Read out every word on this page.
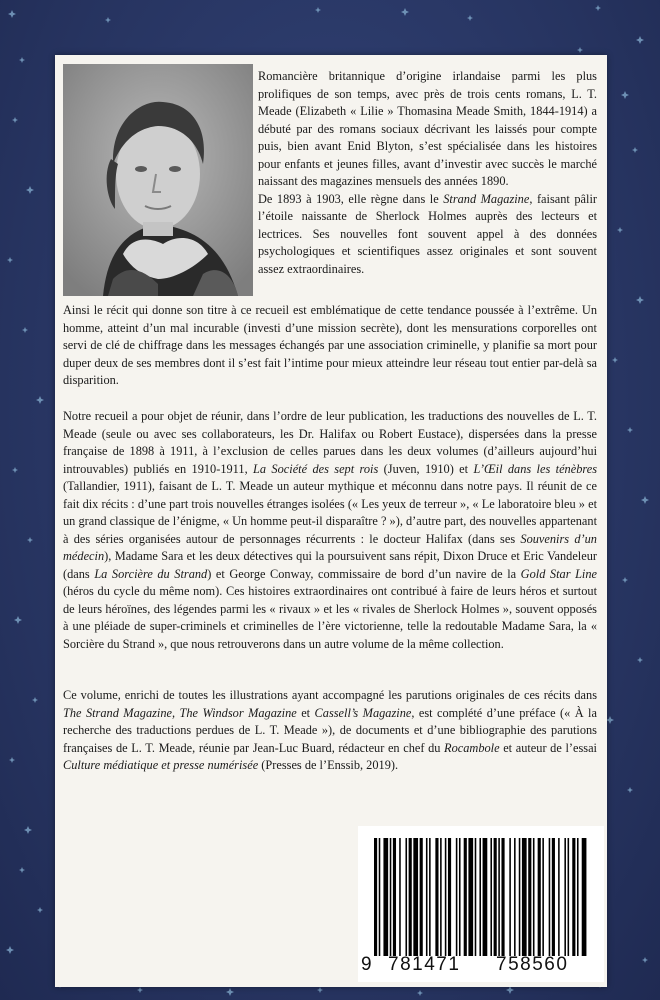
Romancière britannique d’origine irlandaise parmi les plus prolifiques de son temps, avec près de trois cents romans, L. T. Meade (Elizabeth « Lilie » Thomasina Meade Smith, 1844-1914) a débuté par des romans sociaux décrivant les laissés pour compte puis, bien avant Enid Blyton, s’est spécialisée dans les histoires pour enfants et jeunes filles, avant d’investir avec succès le marché naissant des magazines mensuels des années 1890.

De 1893 à 1903, elle règne dans le Strand Magazine, faisant pâlir l’étoile naissante de Sherlock Holmes auprès des lecteurs et lectrices. Ses nouvelles font souvent appel à des données psychologiques et scientifiques assez originales et sont souvent assez extraordinaires.

Ainsi le récit qui donne son titre à ce recueil est emblématique de cette tendance poussée à l’extrême. Un homme, atteint d’un mal incurable (investi d’une mission secrète), dont les mensurations corporelles ont servi de clé de chiffrage dans les messages échangés par une association criminelle, y planifie sa mort pour duper deux de ses membres dont il s’est fait l’intime pour mieux atteindre leur réseau tout entier par-delà sa disparition.

Notre recueil a pour objet de réunir, dans l’ordre de leur publication, les traductions des nouvelles de L. T. Meade (seule ou avec ses collaborateurs, les Dr. Halifax ou Robert Eustace), dispersées dans la presse française de 1898 à 1911, à l’exclusion de celles parues dans les deux volumes (d’ailleurs aujourd’hui introuvables) publiés en 1910-1911, La Société des sept rois (Juven, 1910) et L’Œil dans les ténèbres (Tallandier, 1911), faisant de L. T. Meade un auteur mythique et méconnu dans notre pays. Il réunit de ce fait dix récits : d’une part trois nouvelles étranges isolées (« Les yeux de terreur », « Le laboratoire bleu » et un grand classique de l’énigme, « Un homme peut-il disparaître ? »), d’autre part, des nouvelles appartenant à des séries organisées autour de personnages récurrents : le docteur Halifax (dans ses Souvenirs d’un médecin), Madame Sara et les deux détectives qui la poursuivent sans répit, Dixon Druce et Eric Vandeleur (dans La Sorcière du Strand) et George Conway, commissaire de bord d’un navire de la Gold Star Line (héros du cycle du même nom). Ces histoires extraordinaires ont contribué à faire de leurs héros et surtout de leurs héroïnes, des légendes parmi les « rivaux » et les « rivales de Sherlock Holmes », souvent opposés à une pléiade de super-criminels et criminelles de l’ère victorienne, telle la redoutable Madame Sara, la « Sorcière du Strand », que nous retrouverons dans un autre volume de la même collection.

Ce volume, enrichi de toutes les illustrations ayant accompagné les parutions originales de ces récits dans The Strand Magazine, The Windsor Magazine et Cassell’s Magazine, est complété d’une préface (« À la recherche des traductions perdues de L. T. Meade »), de documents et d’une bibliographie des parutions françaises de L. T. Meade, réunie par Jean-Luc Buard, rédacteur en chef du Rocambole et auteur de l’essai Culture médiatique et presse numérisée (Presses de l’Enssib, 2019).

9 781471 758560
